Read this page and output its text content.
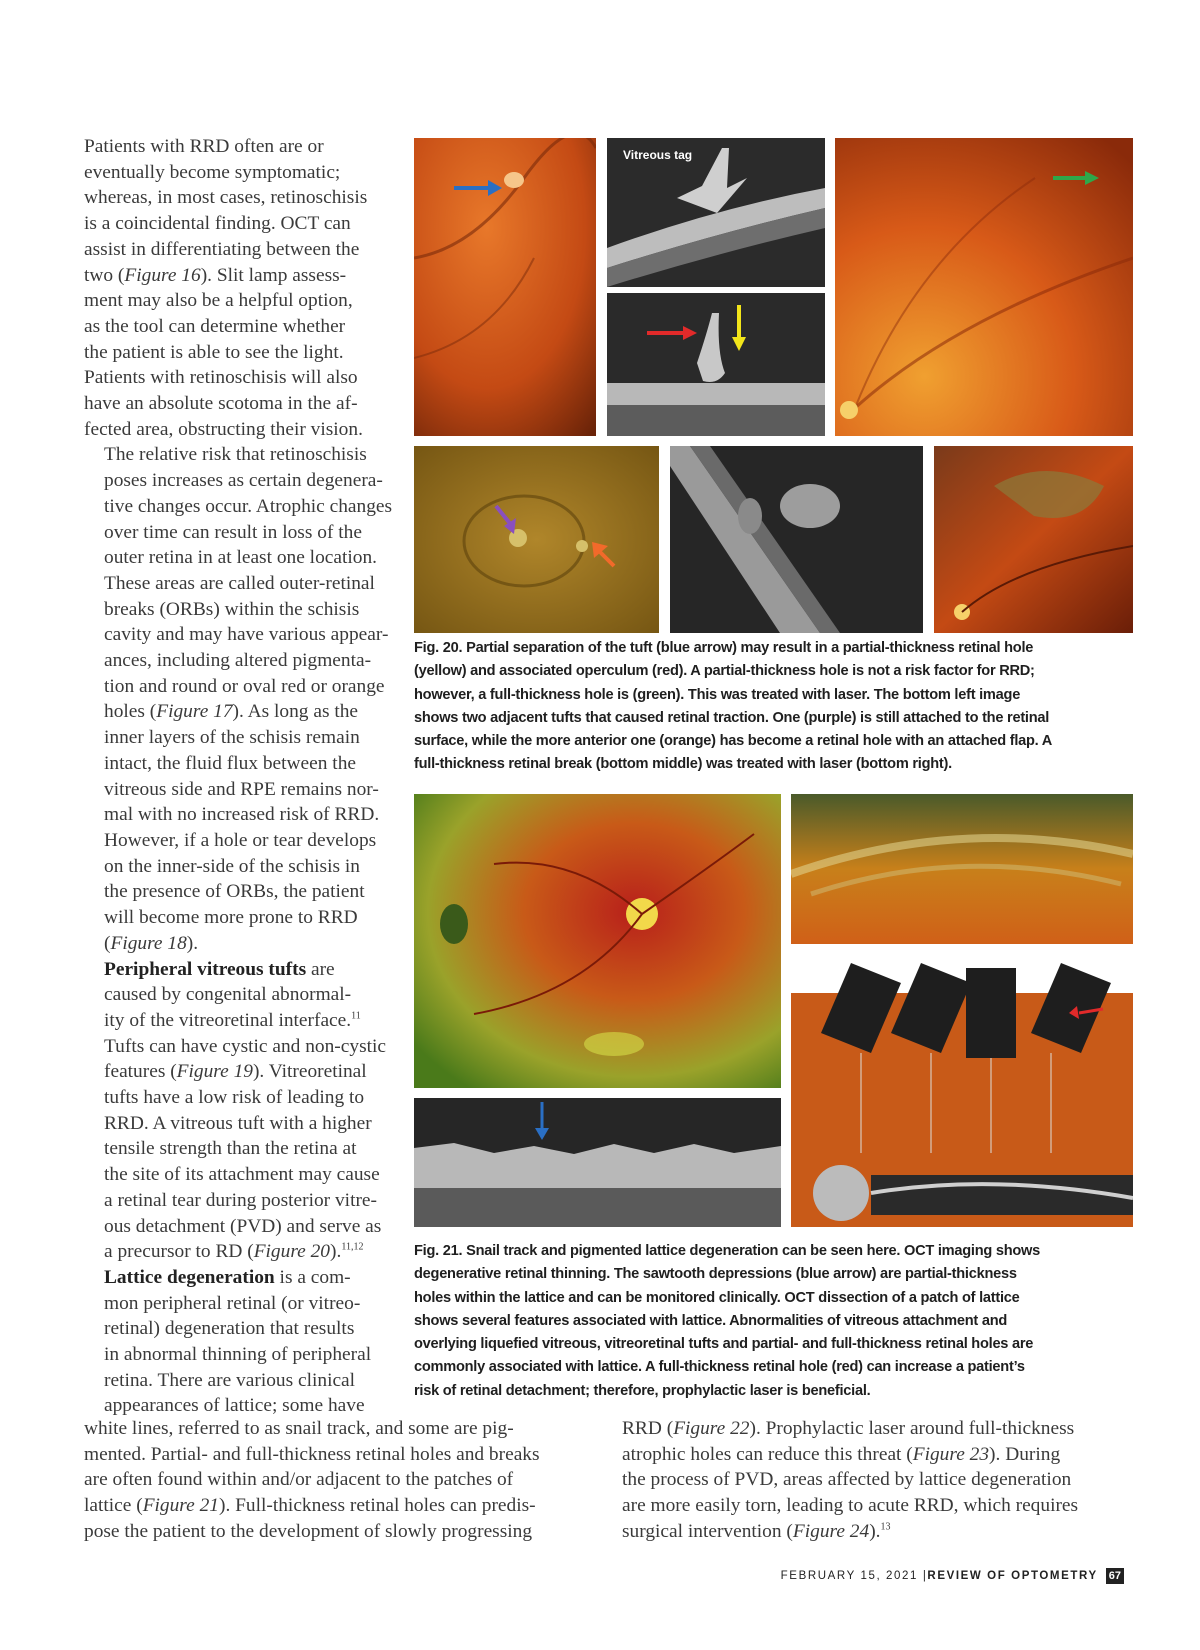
Patients with RRD often are or
eventually become symptomatic;
whereas, in most cases, retinoschisis
is a coincidental finding. OCT can
assist in differentiating between the
two (Figure 16). Slit lamp assess-
ment may also be a helpful option,
as the tool can determine whether
the patient is able to see the light.
Patients with retinoschisis will also
have an absolute scotoma in the af-
fected area, obstructing their vision.

The relative risk that retinoschisis
poses increases as certain degenera-
tive changes occur. Atrophic changes
over time can result in loss of the
outer retina in at least one location.
These areas are called outer-retinal
breaks (ORBs) within the schisis
cavity and may have various appear-
ances, including altered pigmenta-
tion and round or oval red or orange
holes (Figure 17). As long as the
inner layers of the schisis remain
intact, the fluid flux between the
vitreous side and RPE remains nor-
mal with no increased risk of RRD.
However, if a hole or tear develops
on the inner-side of the schisis in
the presence of ORBs, the patient
will become more prone to RRD
(Figure 18).

Peripheral vitreous tufts are
caused by congenital abnormal-
ity of the vitreoretinal interface.$^{11}$
Tufts can have cystic and non-cystic
features (Figure 19). Vitreoretinal
tufts have a low risk of leading to
RRD. A vitreous tuft with a higher
tensile strength than the retina at
the site of its attachment may cause
a retinal tear during posterior vitre-
ous detachment (PVD) and serve as
a precursor to RD (Figure 20).$^{11,12}$

Lattice degeneration is a com-
mon peripheral retinal (or vitreo-
retinal) degeneration that results
in abnormal thinning of peripheral
retina. There are various clinical
appearances of lattice; some have

white lines, referred to as snail track, and some are pig-
mented. Partial- and full-thickness retinal holes and breaks
are often found within and/or adjacent to the patches of
lattice (Figure 21). Full-thickness retinal holes can predis-
pose the patient to the development of slowly progressing
RRD (Figure 22). Prophylactic laser around full-thickness
atrophic holes can reduce this threat (Figure 23). During
the process of PVD, areas affected by lattice degeneration
are more easily torn, leading to acute RRD, which requires
surgical intervention (Figure 24).$^{13}$
Vitreous tag
Fig. 20. Partial separation of the tuft (blue arrow) may result in a partial-thickness retinal hole
(yellow) and associated operculum (red). A partial-thickness hole is not a risk factor for RRD;
however, a full-thickness hole is (green). This was treated with laser. The bottom left image
shows two adjacent tufts that caused retinal traction. One (purple) is still attached to the retinal
surface, while the more anterior one (orange) has become a retinal hole with an attached flap. A
full-thickness retinal break (bottom middle) was treated with laser (bottom right).
Fig. 21. Snail track and pigmented lattice degeneration can be seen here. OCT imaging shows
degenerative retinal thinning. The sawtooth depressions (blue arrow) are partial-thickness
holes within the lattice and can be monitored clinically. OCT dissection of a patch of lattice
shows several features associated with lattice. Abnormalities of vitreous attachment and
overlying liquefied vitreous, vitreoretinal tufts and partial- and full-thickness retinal holes are
commonly associated with lattice. A full-thickness retinal hole (red) can increase a patient’s
risk of retinal detachment; therefore, prophylactic laser is beneficial.
FEBRUARY 15, 2021 | REVIEW OF OPTOMETRY 67
